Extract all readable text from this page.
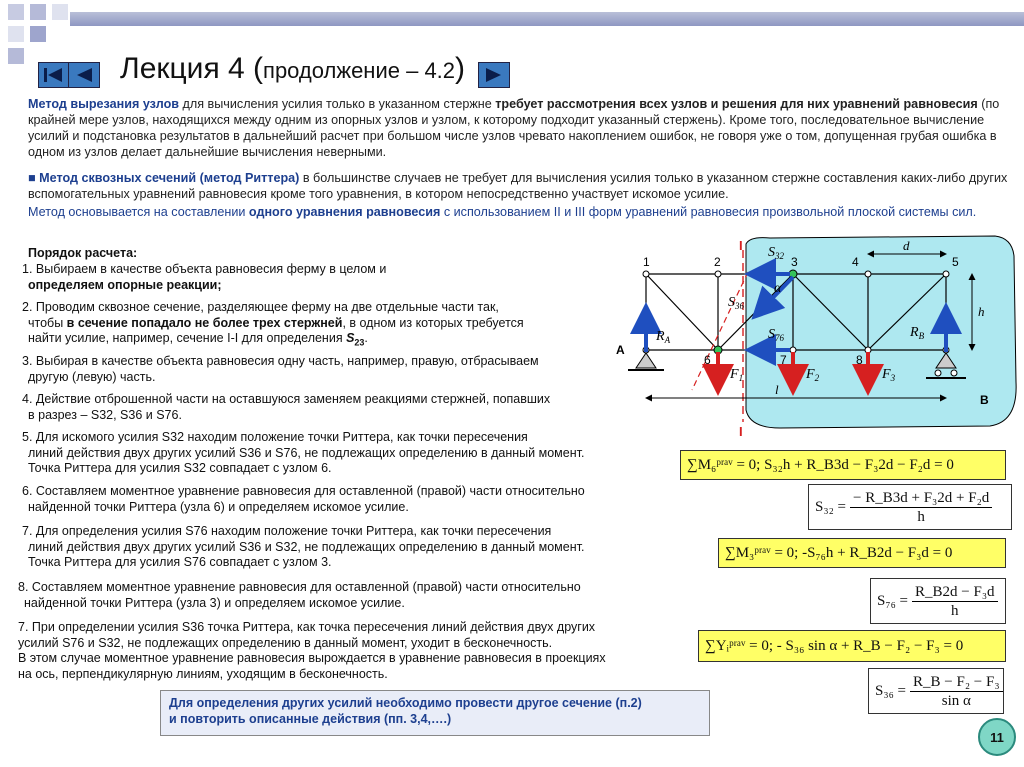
Лекция 4 (продолжение – 4.2)
Метод вырезания узлов для вычисления усилия только в указанном стержне требует рассмотрения всех узлов и решения для них уравнений равновесия (по крайней мере узлов, находящихся между одним из опорных узлов и узлом, к которому подходит указанный стержень). Кроме того, последовательное вычисление усилий и подстановка результатов в дальнейший расчет при большом числе узлов чревато накоплением ошибок, не говоря уже о том, допущенная грубая ошибка в одном из узлов делает дальнейшие вычисления неверными.
■ Метод сквозных сечений (метод Риттера) в большинстве случаев не требует для вычисления усилия только в указанном стержне составления каких-либо других вспомогательных уравнений равновесия кроме того уравнения, в котором непосредственно участвует искомое усилие.
Метод основывается на составлении одного уравнения равновесия с использованием II и III форм уравнений равновесия произвольной плоской системы сил.
Порядок расчета:
1. Выбираем в качестве объекта равновесия ферму в целом и
определяем опорные реакции;
2. Проводим сквозное сечение, разделяющее ферму на две отдельные части так,
чтобы в сечение попадало не более трех стержней, в одном из которых требуется
найти усилие, например, сечение I-I для определения $S_{23}$.
3. Выбирая в качестве объекта равновесия одну часть, например, правую, отбрасываем
другую (левую) часть.
4. Действие отброшенной части на оставшуюся заменяем реакциями стержней, попавших
в разрез – S32, S36 и S76.
5. Для искомого усилия S32 находим положение точки Риттера, как точки пересечения
линий действия двух других усилий S36 и S76, не подлежащих определению в данный момент.
Точка Риттера для усилия S32 совпадает с узлом 6.
6. Составляем моментное уравнение равновесия для оставленной (правой) части относительно
найденной точки Риттера (узла 6) и определяем искомое усилие.
7. Для определения усилия S76 находим положение точки Риттера, как точки пересечения
линий действия двух других усилий S36 и S32, не подлежащих определению в данный момент.
Точка Риттера для усилия S76 совпадает с узлом 3.
8. Составляем моментное уравнение равновесия для оставленной (правой) части относительно
найденной точки Риттера (узла 3) и определяем искомое усилие.
7. При определении усилия S36 точка Риттера, как точка пересечения линий действия двух других
усилий S76 и S32, не подлежащих определению в данный момент, уходит в бесконечность.
В этом случае моментное уравнение равновесия вырождается в уравнение равновесия в проекциях
на ось, перпендикулярную линиям, уходящим в бесконечность.
∑M₆ᵖʳᵃᵛ = 0; S₃₂h + R_B3d − F₃2d − F₂d = 0
$S_{32} = \frac{\text{− R\_B3d + F₃2d + F₂d}}{h}$
∑M₃ᵖʳᵃᵛ = 0; -S₇₆h + R_B2d − F₃d = 0
$S_{76} = \frac{\text{R\_B2d − F₃d}}{h}$
∑Yᵢᵖʳᵃᵛ = 0; - S₃₆ sin α + R_B − F₂ − F₃ = 0
$S_{36} = \frac{\text{R\_B − F₂ − F₃}}{\text{sin α}}$
Для определения других усилий необходимо провести другое сечение (п.2)
и повторить описанные действия (пп. 3,4,….)
11
I
I
1	2	3	4	5
6	7	8
A
B
d
h
l
$S_{32}$
$S_{36}$
$S_{76}$
$R_A$	$R_B$
$F_1$	$F_2$	$F_3$
α
